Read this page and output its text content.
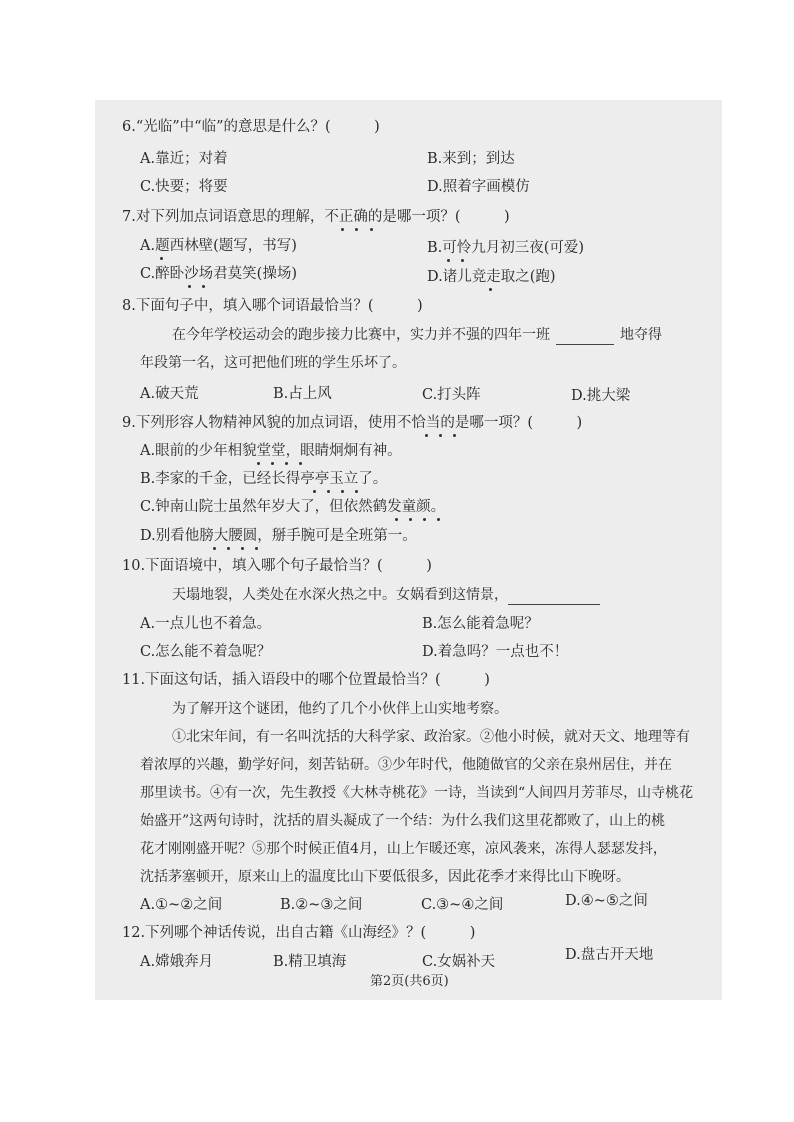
6.“光临”中“临”的意思是什么？(　　　)
A.靠近；对着	B.来到；到达
C.快要；将要	D.照着字画模仿
7.对下列加点词语意思的理解，不正确的是哪一项？(　　　)
A.题西林壁(题写，书写)	B.可怜九月初三夜(可爱)
C.醉卧沙场君莫笑(操场)	D.诸儿竞走取之(跑)
8.下面句子中，填入哪个词语最恰当？(　　　)
在今年学校运动会的跑步接力比赛中，实力并不强的四年一班	地夺得
年段第一名，这可把他们班的学生乐坏了。
A.破天荒	B.占上风	C.打头阵	D.挑大梁
9.下列形容人物精神风貌的加点词语，使用不恰当的是哪一项？(　　　)
A.眼前的少年相貌堂堂，眼睛炯炯有神。
B.李家的千金，已经长得亭亭玉立了。
C.钟南山院士虽然年岁大了，但依然鹤发童颜。
D.别看他膀大腰圆，掰手腕可是全班第一。
10.下面语境中，填入哪个句子最恰当？(　　　)
天塌地裂，人类处在水深火热之中。女娲看到这情景，
A.一点儿也不着急。	B.怎么能着急呢？
C.怎么能不着急呢？	D.着急吗？一点也不！
11.下面这句话，插入语段中的哪个位置最恰当？(　　　)
为了解开这个谜团，他约了几个小伙伴上山实地考察。
①北宋年间，有一名叫沈括的大科学家、政治家。②他小时候，就对天文、地理等有
着浓厚的兴趣，勤学好问，刻苦钻研。③少年时代，他随做官的父亲在泉州居住，并在
那里读书。④有一次，先生教授《大林寺桃花》一诗，当读到“人间四月芳菲尽，山寺桃花
始盛开”这两句诗时，沈括的眉头凝成了一个结：为什么我们这里花都败了，山上的桃
花才刚刚盛开呢？⑤那个时候正值4月，山上乍暖还寒，凉风袭来，冻得人瑟瑟发抖，
沈括茅塞顿开，原来山上的温度比山下要低很多，因此花季才来得比山下晚呀。
A.①~②之间	B.②~③之间	C.③~④之间	D.④~⑤之间
12.下列哪个神话传说，出自古籍《山海经》？(　　　)
A.嫦娥奔月	B.精卫填海	C.女娲补天	D.盘古开天地
第2页(共6页)
